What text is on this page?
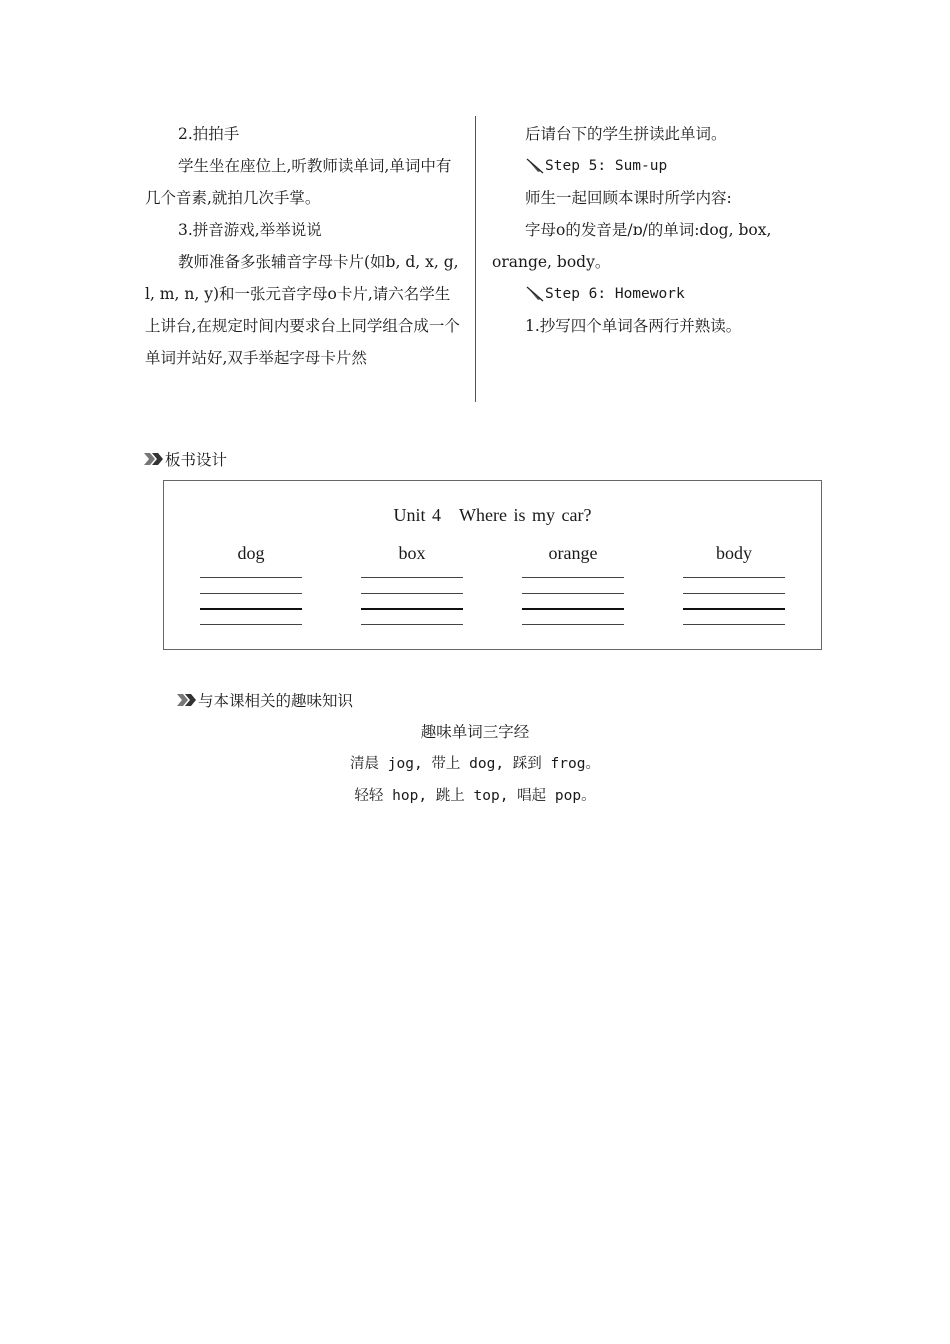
2.拍拍手

学生坐在座位上,听教师读单词,单词中有几个音素,就拍几次手掌。

3.拼音游戏,举举说说

教师准备多张辅音字母卡片(如b, d, x, g, l, m, n, y)和一张元音字母o卡片,请六名学生上讲台,在规定时间内要求台上同学组合成一个单词并站好,双手举起字母卡片然

后请台下的学生拼读此单词。

Step 5: Sum-up

师生一起回顾本课时所学内容:

字母o的发音是/ɒ/的单词:dog, box, orange, body。

Step 6: Homework

1.抄写四个单词各两行并熟读。

板书设计
Unit 4 Where is my car?
dog	box	orange	body
与本课相关的趣味知识
趣味单词三字经
清晨 jog, 带上 dog, 踩到 frog。
轻轻 hop, 跳上 top, 唱起 pop。
